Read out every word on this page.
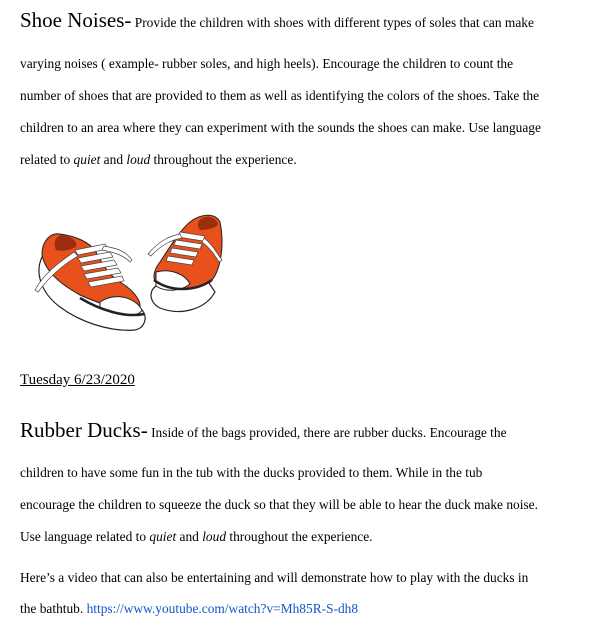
Shoe Noises- Provide the children with shoes with different types of soles that can make
varying noises ( example- rubber soles, and high heels). Encourage the children to count the
number of shoes that are provided to them as well as identifying the colors of the shoes. Take the
children to an area where they can experiment with the sounds the shoes can make. Use language
related to quiet and loud throughout the experience.
Tuesday 6/23/2020
Rubber Ducks- Inside of the bags provided, there are rubber ducks. Encourage the
children to have some fun in the tub with the ducks provided to them. While in the tub
encourage the children to squeeze the duck so that they will be able to hear the duck make noise.
Use language related to quiet and loud throughout the experience.
Here’s a video that can also be entertaining and will demonstrate how to play with the ducks in
the bathtub. https://www.youtube.com/watch?v=Mh85R-S-dh8
